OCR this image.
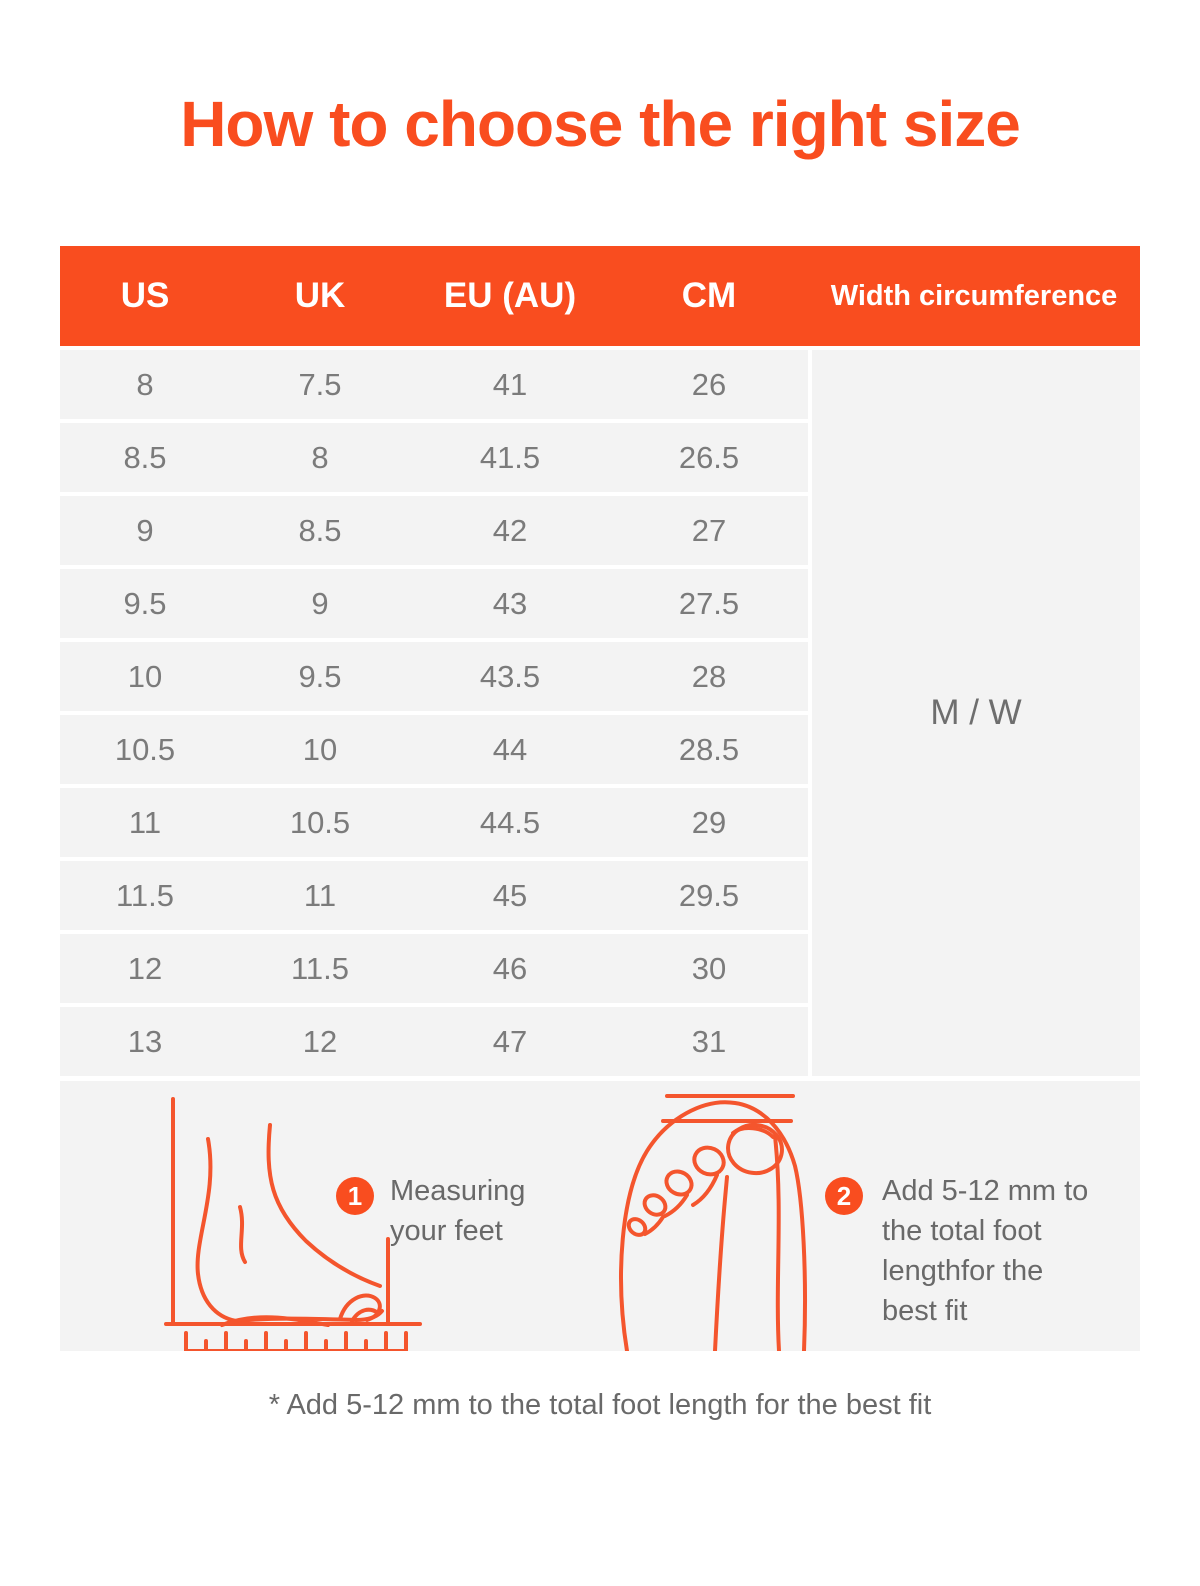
How to choose the right size
US	UK	EU (AU)	CM	Width circumference
8	7.5	41	26
8.5	8	41.5	26.5
9	8.5	42	27
9.5	9	43	27.5
10	9.5	43.5	28
10.5	10	44	28.5
11	10.5	44.5	29
11.5	11	45	29.5
12	11.5	46	30
13	12	47	31
M / W
1 Measuring
your feet
2	Add 5-12 mm to
the total foot
lengthfor the
best fit
* Add 5-12 mm to the total foot length for the best fit
